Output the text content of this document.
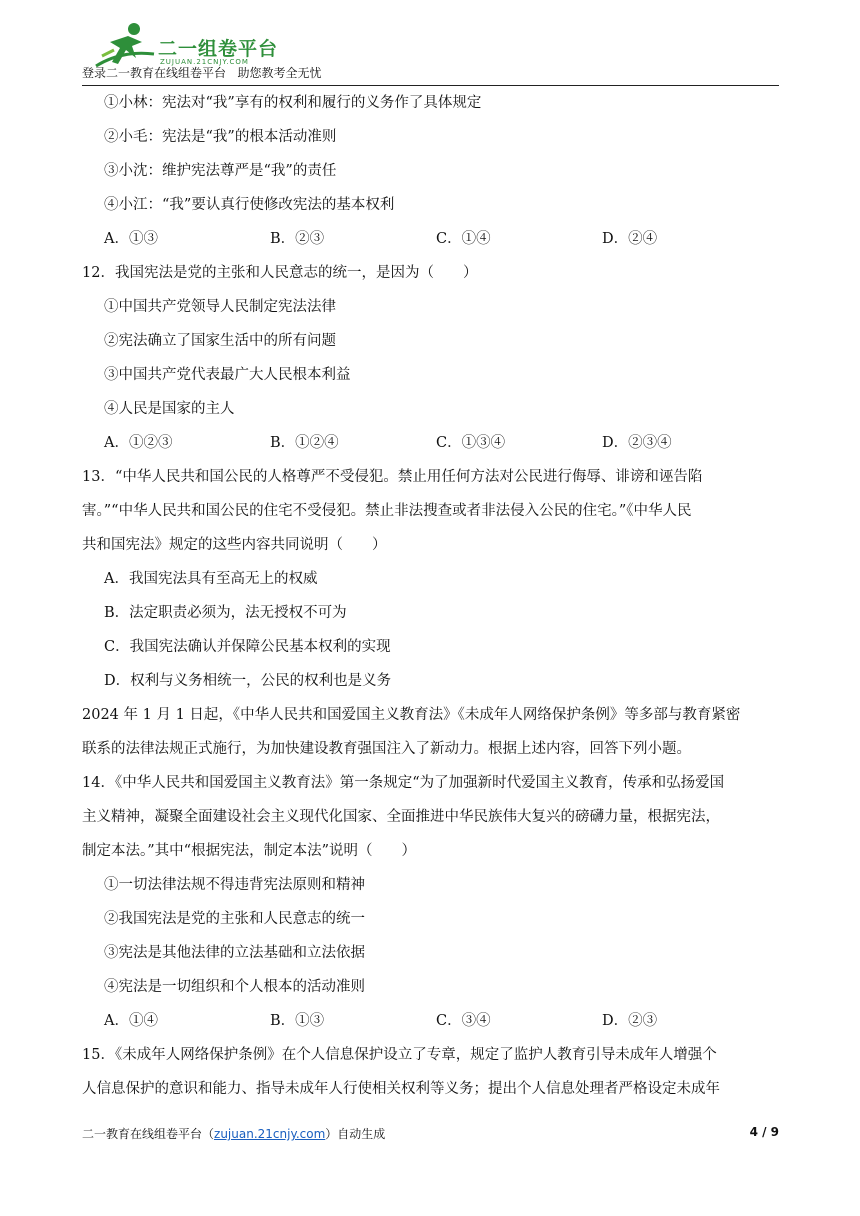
二一组卷平台
ZUJUAN.21CNJY.COM
登录二一教育在线组卷平台   助您教考全无忧
①小林：宪法对“我”享有的权利和履行的义务作了具体规定
②小毛：宪法是“我”的根本活动准则
③小沈：维护宪法尊严是“我”的责任
④小江：“我”要认真行使修改宪法的基本权利
A．①③	B．②③	C．①④	D．②④
12．我国宪法是党的主张和人民意志的统一，是因为（　　）
①中国共产党领导人民制定宪法法律
②宪法确立了国家生活中的所有问题
③中国共产党代表最广大人民根本利益
④人民是国家的主人
A．①②③	B．①②④	C．①③④	D．②③④
13．“中华人民共和国公民的人格尊严不受侵犯。禁止用任何方法对公民进行侮辱、诽谤和诬告陷
害。”“中华人民共和国公民的住宅不受侵犯。禁止非法搜查或者非法侵入公民的住宅。”《中华人民
共和国宪法》规定的这些内容共同说明（　　）
A．我国宪法具有至高无上的权威
B．法定职责必须为，法无授权不可为
C．我国宪法确认并保障公民基本权利的实现
D．权利与义务相统一，公民的权利也是义务
2024 年 1 月 1 日起，《中华人民共和国爱国主义教育法》《未成年人网络保护条例》等多部与教育紧密
联系的法律法规正式施行，为加快建设教育强国注入了新动力。根据上述内容，回答下列小题。
14．《中华人民共和国爱国主义教育法》第一条规定“为了加强新时代爱国主义教育，传承和弘扬爱国
主义精神，凝聚全面建设社会主义现代化国家、全面推进中华民族伟大复兴的磅礴力量，根据宪法，
制定本法。”其中“根据宪法，制定本法”说明（　　）
①一切法律法规不得违背宪法原则和精神
②我国宪法是党的主张和人民意志的统一
③宪法是其他法律的立法基础和立法依据
④宪法是一切组织和个人根本的活动准则
A．①④	B．①③	C．③④	D．②③
15．《未成年人网络保护条例》在个人信息保护设立了专章，规定了监护人教育引导未成年人增强个
人信息保护的意识和能力、指导未成年人行使相关权利等义务；提出个人信息处理者严格设定未成年
二一教育在线组卷平台（zujuan.21cnjy.com）自动生成	4 / 9
